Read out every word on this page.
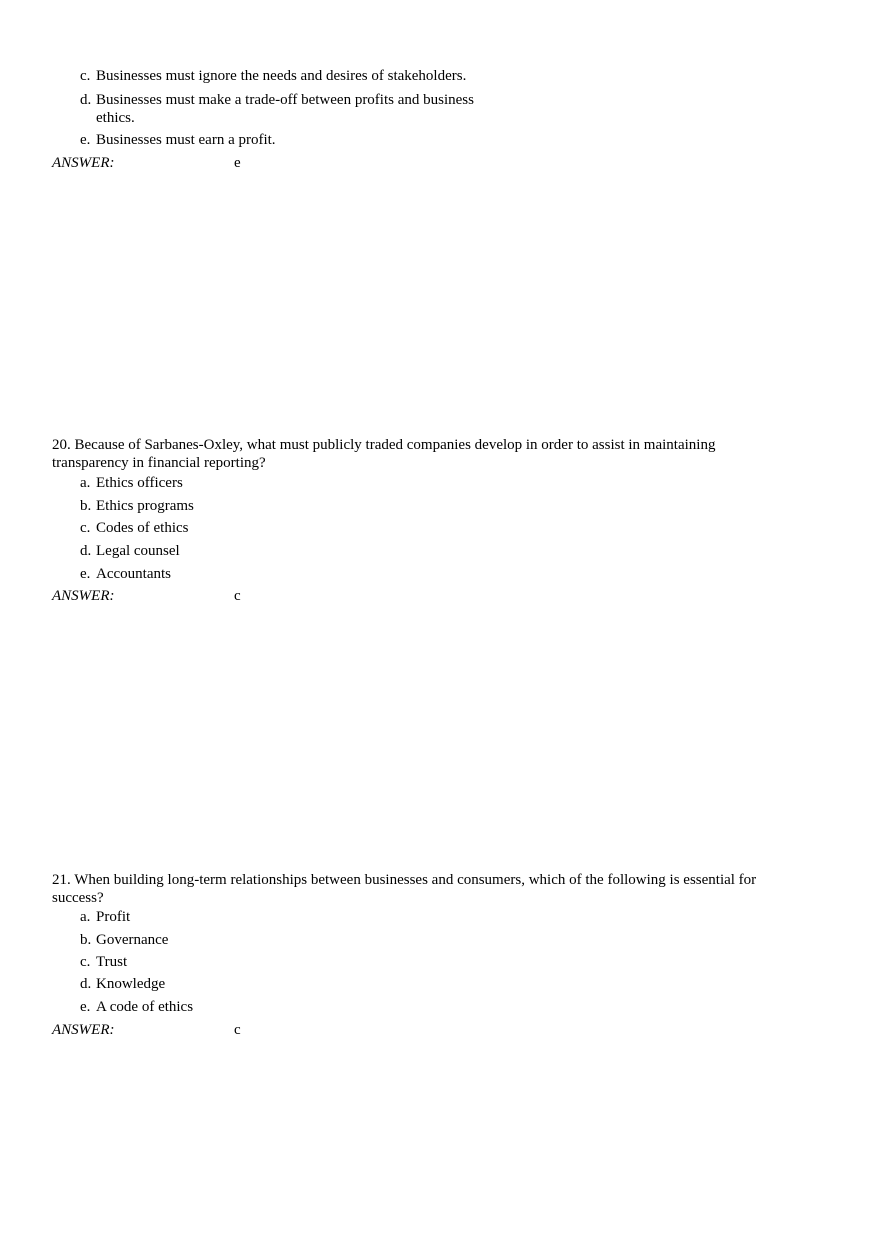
c. Businesses must ignore the needs and desires of stakeholders.
d. Businesses must make a trade-off between profits and business
ethics.
e. Businesses must earn a profit.
ANSWER:	e
20. Because of Sarbanes-Oxley, what must publicly traded companies develop in order to assist in maintaining
transparency in financial reporting?
a. Ethics officers
b. Ethics programs
c. Codes of ethics
d. Legal counsel
e. Accountants
ANSWER:	c
21. When building long-term relationships between businesses and consumers, which of the following is essential for
success?
a. Profit
b. Governance
c. Trust
d. Knowledge
e. A code of ethics
ANSWER:	c
